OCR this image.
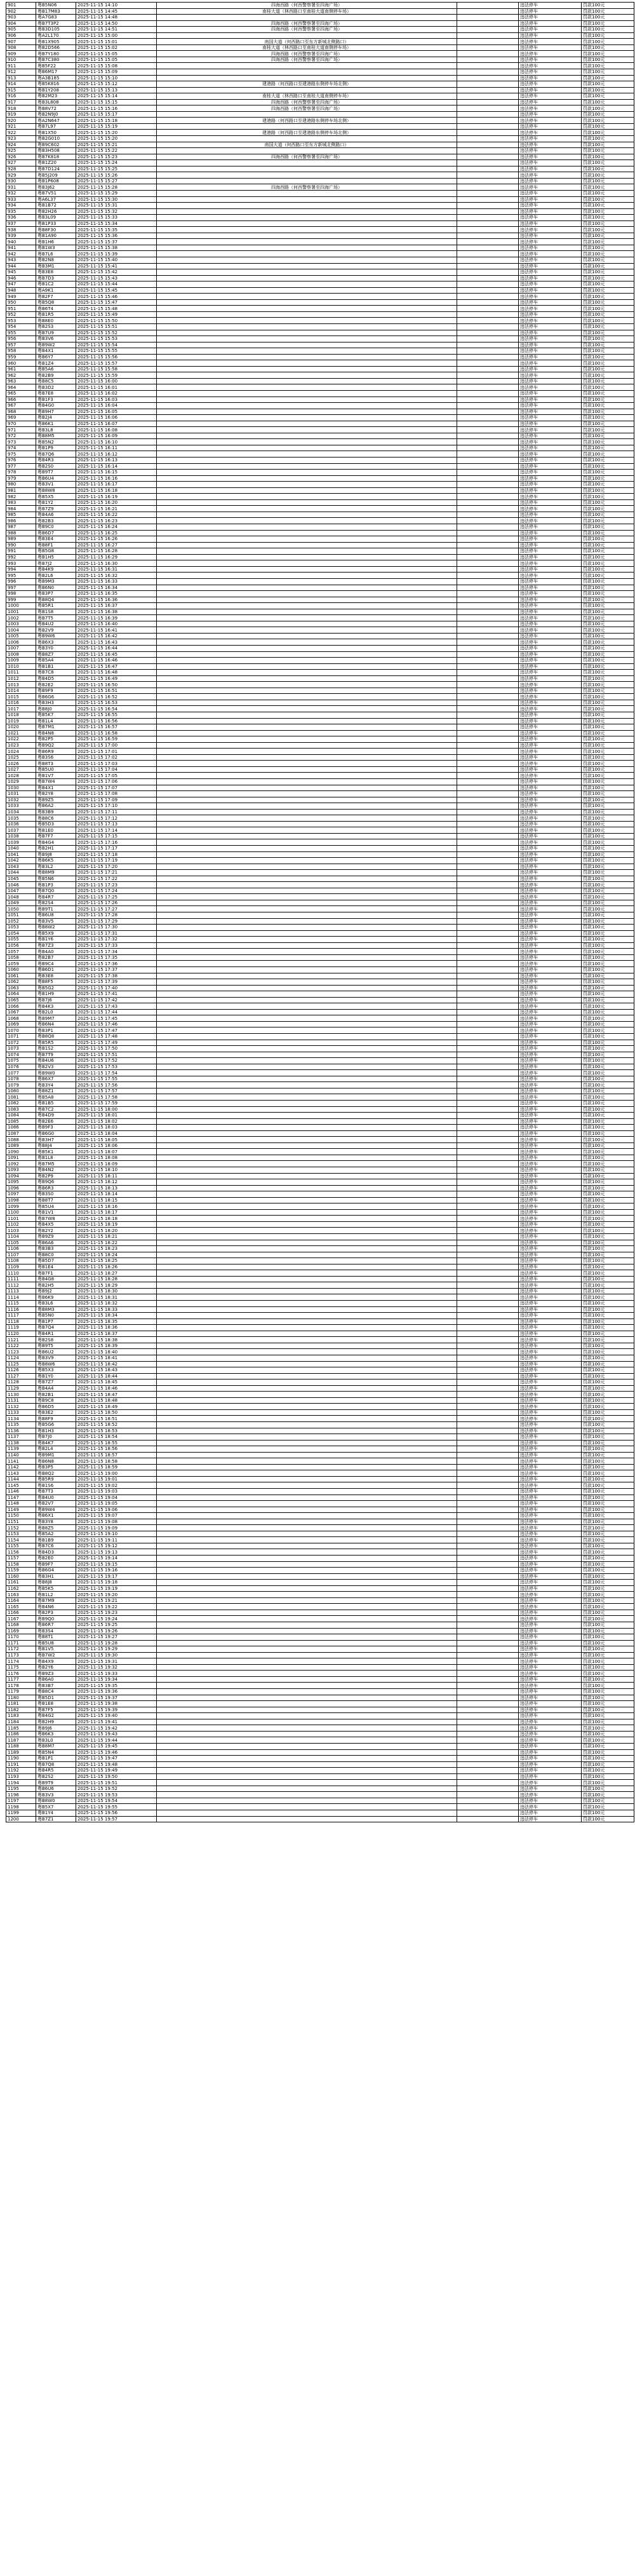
901	粤B5N06	2025-11-15 14:10	四海西路（何西警察署至四海广场）		违法停车	罚款100元
902	粤B17M83	2025-11-15 14:45	南桂大道（林西路口至南桂大道南侧停车场）		违法停车	罚款100元
903	粤A7G83	2025-11-15 14:48			违法停车	罚款100元
904	粤B7T3P2	2025-11-15 14:50	四海西路（何西警察署至四海广场）		违法停车	罚款100元
905	粤B3D105	2025-11-15 14:51	四海西路（何西警察署至四海广场）		违法停车	罚款100元
906	粤A2L170	2025-11-15 15:00			违法停车	罚款100元
907	粤B1X905	2025-11-15 15:01	南国大道（何西路口至东方新城北侧路口）		违法停车	罚款100元
908	粤B2D566	2025-11-15 15:02	南桂大道（林西路口至南桂大道南侧停车场）		违法停车	罚款100元
909	粤B7Y180	2025-11-15 15:05	四海西路（何西警察署至四海广场）		违法停车	罚款100元
910	粤B7C380	2025-11-15 15:05	四海西路（何西警察署至四海广场）		违法停车	罚款100元
911	粤B5F22	2025-11-15 15:08			违法停车	罚款100元
912	粤B6M17	2025-11-15 15:09			违法停车	罚款100元
913	粤A3B185	2025-11-15 15:10			违法停车	罚款100元
914	粤B5K816	2025-11-15 15:12	建港路（何西路口至建港路东侧停车场北侧）		违法停车	罚款100元
915	粤B1Y208	2025-11-15 15:13			违法停车	罚款100元
916	粤B2M23	2025-11-15 15:14	南桂大道（林西路口至南桂大道南侧停车场）		违法停车	罚款100元
917	粤B3L808	2025-11-15 15:15	四海西路（何西警察署至四海广场）		违法停车	罚款100元
918	粤B8V72	2025-11-15 15:16	四海西路（何西警察署至四海广场）		违法停车	罚款100元
919	粤B2N9J0	2025-11-15 15:17			违法停车	罚款100元
920	粤A2N647	2025-11-15 15:18	建港路（何西路口至建港路东侧停车场北侧）		违法停车	罚款100元
921	粤B7L97	2025-11-15 15:19			违法停车	罚款100元
922	粤B1X50	2025-11-15 15:20	建港路（何西路口至建港路东侧停车场北侧）		违法停车	罚款100元
923	粤B2G010	2025-11-15 15:20			违法停车	罚款100元
924	粤B9C602	2025-11-15 15:21	南国大道（何西路口至东方新城北侧路口）		违法停车	罚款100元
925	粤B3H508	2025-11-15 15:22			违法停车	罚款100元
926	粤B7K818	2025-11-15 15:23	四海西路（何西警察署至四海广场）		违法停车	罚款100元
927	粤B1Z20	2025-11-15 15:24			违法停车	罚款100元
928	粤B7D124	2025-11-15 15:25			违法停车	罚款100元
929	粤B5J209	2025-11-15 15:26			违法停车	罚款100元
930	粤B1P608	2025-11-15 15:27			违法停车	罚款100元
931	粤B3J62	2025-11-15 15:28	四海西路（何西警察署至四海广场）		违法停车	罚款100元
932	粤B7V51	2025-11-15 15:29			违法停车	罚款100元
933	粤A6L37	2025-11-15 15:30			违法停车	罚款100元
934	粤B1B72	2025-11-15 15:31			违法停车	罚款100元
935	粤B2H26	2025-11-15 15:32			违法停车	罚款100元
936	粤B3L09	2025-11-15 15:33			违法停车	罚款100元
937	粤B1P33	2025-11-15 15:34			违法停车	罚款100元
938	粤B8F30	2025-11-15 15:35			违法停车	罚款100元
939	粤B1A90	2025-11-15 15:36			违法停车	罚款100元
940	粤B1H6	2025-11-15 15:37			违法停车	罚款100元
941	粤B1W3	2025-11-15 15:38			违法停车	罚款100元
942	粤B7L6	2025-11-15 15:39			违法停车	罚款100元
943	粤B2N8	2025-11-15 15:40			违法停车	罚款100元
944	粤B3M1	2025-11-15 15:41			违法停车	罚款100元
945	粤B3E8	2025-11-15 15:42			违法停车	罚款100元
946	粤B7D3	2025-11-15 15:43			违法停车	罚款100元
947	粤B1C2	2025-11-15 15:44			违法停车	罚款100元
948	粤A9K1	2025-11-15 15:45			违法停车	罚款100元
949	粤B2F7	2025-11-15 15:46			违法停车	罚款100元
950	粤B5Q8	2025-11-15 15:47			违法停车	罚款100元
951	粤B6T4	2025-11-15 15:48			违法停车	罚款100元
952	粤B1R5	2025-11-15 15:49			违法停车	罚款100元
953	粤B8E0	2025-11-15 15:50			违法停车	罚款100元
954	粤B2S3	2025-11-15 15:51			违法停车	罚款100元
955	粤B7U9	2025-11-15 15:52			违法停车	罚款100元
956	粤B3V6	2025-11-15 15:53			违法停车	罚款100元
957	粤B9W2	2025-11-15 15:54			违法停车	罚款100元
958	粤B4X1	2025-11-15 15:55			违法停车	罚款100元
959	粤B6Y7	2025-11-15 15:56			违法停车	罚款100元
960	粤B1Z4	2025-11-15 15:57			违法停车	罚款100元
961	粤B5A6	2025-11-15 15:58			违法停车	罚款100元
962	粤B2B9	2025-11-15 15:59			违法停车	罚款100元
963	粤B8C5	2025-11-15 16:00			违法停车	罚款100元
964	粤B3D2	2025-11-15 16:01			违法停车	罚款100元
965	粤B7E8	2025-11-15 16:02			违法停车	罚款100元
966	粤B1F3	2025-11-15 16:03			违法停车	罚款100元
967	粤B4G0	2025-11-15 16:04			违法停车	罚款100元
968	粤B9H7	2025-11-15 16:05			违法停车	罚款100元
969	粤B2J4	2025-11-15 16:06			违法停车	罚款100元
970	粤B6K1	2025-11-15 16:07			违法停车	罚款100元
971	粤B3L8	2025-11-15 16:08			违法停车	罚款100元
972	粤B8M5	2025-11-15 16:09			违法停车	罚款100元
973	粤B5N2	2025-11-15 16:10			违法停车	罚款100元
974	粤B1P9	2025-11-15 16:11			违法停车	罚款100元
975	粤B7Q6	2025-11-15 16:12			违法停车	罚款100元
976	粤B4R3	2025-11-15 16:13			违法停车	罚款100元
977	粤B2S0	2025-11-15 16:14			违法停车	罚款100元
978	粤B9T7	2025-11-15 16:15			违法停车	罚款100元
979	粤B6U4	2025-11-15 16:16			违法停车	罚款100元
980	粤B3V1	2025-11-15 16:17			违法停车	罚款100元
981	粤B8W8	2025-11-15 16:18			违法停车	罚款100元
982	粤B5X5	2025-11-15 16:19			违法停车	罚款100元
983	粤B1Y2	2025-11-15 16:20			违法停车	罚款100元
984	粤B7Z9	2025-11-15 16:21			违法停车	罚款100元
985	粤B4A6	2025-11-15 16:22			违法停车	罚款100元
986	粤B2B3	2025-11-15 16:23			违法停车	罚款100元
987	粤B9C0	2025-11-15 16:24			违法停车	罚款100元
988	粤B6D7	2025-11-15 16:25			违法停车	罚款100元
989	粤B3E4	2025-11-15 16:26			违法停车	罚款100元
990	粤B8F1	2025-11-15 16:27			违法停车	罚款100元
991	粤B5G8	2025-11-15 16:28			违法停车	罚款100元
992	粤B1H5	2025-11-15 16:29			违法停车	罚款100元
993	粤B7J2	2025-11-15 16:30			违法停车	罚款100元
994	粤B4K9	2025-11-15 16:31			违法停车	罚款100元
995	粤B2L6	2025-11-15 16:32			违法停车	罚款100元
996	粤B9M3	2025-11-15 16:33			违法停车	罚款100元
997	粤B6N0	2025-11-15 16:34			违法停车	罚款100元
998	粤B3P7	2025-11-15 16:35			违法停车	罚款100元
999	粤B8Q4	2025-11-15 16:36			违法停车	罚款100元
1000	粤B5R1	2025-11-15 16:37			违法停车	罚款100元
1001	粤B1S8	2025-11-15 16:38			违法停车	罚款100元
1002	粤B7T5	2025-11-15 16:39			违法停车	罚款100元
1003	粤B4U2	2025-11-15 16:40			违法停车	罚款100元
1004	粤B2V9	2025-11-15 16:41			违法停车	罚款100元
1005	粤B9W6	2025-11-15 16:42			违法停车	罚款100元
1006	粤B6X3	2025-11-15 16:43			违法停车	罚款100元
1007	粤B3Y0	2025-11-15 16:44			违法停车	罚款100元
1008	粤B8Z7	2025-11-15 16:45			违法停车	罚款100元
1009	粤B5A4	2025-11-15 16:46			违法停车	罚款100元
1010	粤B1B1	2025-11-15 16:47			违法停车	罚款100元
1011	粤B7C8	2025-11-15 16:48			违法停车	罚款100元
1012	粤B4D5	2025-11-15 16:49			违法停车	罚款100元
1013	粤B2E2	2025-11-15 16:50			违法停车	罚款100元
1014	粤B9F9	2025-11-15 16:51			违法停车	罚款100元
1015	粤B6G6	2025-11-15 16:52			违法停车	罚款100元
1016	粤B3H3	2025-11-15 16:53			违法停车	罚款100元
1017	粤B8J0	2025-11-15 16:54			违法停车	罚款100元
1018	粤B5K7	2025-11-15 16:55			违法停车	罚款100元
1019	粤B1L4	2025-11-15 16:56			违法停车	罚款100元
1020	粤B7M1	2025-11-15 16:57			违法停车	罚款100元
1021	粤B4N8	2025-11-15 16:58			违法停车	罚款100元
1022	粤B2P5	2025-11-15 16:59			违法停车	罚款100元
1023	粤B9Q2	2025-11-15 17:00			违法停车	罚款100元
1024	粤B6R9	2025-11-15 17:01			违法停车	罚款100元
1025	粤B3S6	2025-11-15 17:02			违法停车	罚款100元
1026	粤B8T3	2025-11-15 17:03			违法停车	罚款100元
1027	粤B5U0	2025-11-15 17:04			违法停车	罚款100元
1028	粤B1V7	2025-11-15 17:05			违法停车	罚款100元
1029	粤B7W4	2025-11-15 17:06			违法停车	罚款100元
1030	粤B4X1	2025-11-15 17:07			违法停车	罚款100元
1031	粤B2Y8	2025-11-15 17:08			违法停车	罚款100元
1032	粤B9Z5	2025-11-15 17:09			违法停车	罚款100元
1033	粤B6A2	2025-11-15 17:10			违法停车	罚款100元
1034	粤B3B9	2025-11-15 17:11			违法停车	罚款100元
1035	粤B8C6	2025-11-15 17:12			违法停车	罚款100元
1036	粤B5D3	2025-11-15 17:13			违法停车	罚款100元
1037	粤B1E0	2025-11-15 17:14			违法停车	罚款100元
1038	粤B7F7	2025-11-15 17:15			违法停车	罚款100元
1039	粤B4G4	2025-11-15 17:16			违法停车	罚款100元
1040	粤B2H1	2025-11-15 17:17			违法停车	罚款100元
1041	粤B9J8	2025-11-15 17:18			违法停车	罚款100元
1042	粤B6K5	2025-11-15 17:19			违法停车	罚款100元
1043	粤B3L2	2025-11-15 17:20			违法停车	罚款100元
1044	粤B8M9	2025-11-15 17:21			违法停车	罚款100元
1045	粤B5N6	2025-11-15 17:22			违法停车	罚款100元
1046	粤B1P3	2025-11-15 17:23			违法停车	罚款100元
1047	粤B7Q0	2025-11-15 17:24			违法停车	罚款100元
1048	粤B4R7	2025-11-15 17:25			违法停车	罚款100元
1049	粤B2S4	2025-11-15 17:26			违法停车	罚款100元
1050	粤B9T1	2025-11-15 17:27			违法停车	罚款100元
1051	粤B6U8	2025-11-15 17:28			违法停车	罚款100元
1052	粤B3V5	2025-11-15 17:29			违法停车	罚款100元
1053	粤B8W2	2025-11-15 17:30			违法停车	罚款100元
1054	粤B5X9	2025-11-15 17:31			违法停车	罚款100元
1055	粤B1Y6	2025-11-15 17:32			违法停车	罚款100元
1056	粤B7Z3	2025-11-15 17:33			违法停车	罚款100元
1057	粤B4A0	2025-11-15 17:34			违法停车	罚款100元
1058	粤B2B7	2025-11-15 17:35			违法停车	罚款100元
1059	粤B9C4	2025-11-15 17:36			违法停车	罚款100元
1060	粤B6D1	2025-11-15 17:37			违法停车	罚款100元
1061	粤B3E8	2025-11-15 17:38			违法停车	罚款100元
1062	粤B8F5	2025-11-15 17:39			违法停车	罚款100元
1063	粤B5G2	2025-11-15 17:40			违法停车	罚款100元
1064	粤B1H9	2025-11-15 17:41			违法停车	罚款100元
1065	粤B7J6	2025-11-15 17:42			违法停车	罚款100元
1066	粤B4K3	2025-11-15 17:43			违法停车	罚款100元
1067	粤B2L0	2025-11-15 17:44			违法停车	罚款100元
1068	粤B9M7	2025-11-15 17:45			违法停车	罚款100元
1069	粤B6N4	2025-11-15 17:46			违法停车	罚款100元
1070	粤B3P1	2025-11-15 17:47			违法停车	罚款100元
1071	粤B8Q8	2025-11-15 17:48			违法停车	罚款100元
1072	粤B5R5	2025-11-15 17:49			违法停车	罚款100元
1073	粤B1S2	2025-11-15 17:50			违法停车	罚款100元
1074	粤B7T9	2025-11-15 17:51			违法停车	罚款100元
1075	粤B4U6	2025-11-15 17:52			违法停车	罚款100元
1076	粤B2V3	2025-11-15 17:53			违法停车	罚款100元
1077	粤B9W0	2025-11-15 17:54			违法停车	罚款100元
1078	粤B6X7	2025-11-15 17:55			违法停车	罚款100元
1079	粤B3Y4	2025-11-15 17:56			违法停车	罚款100元
1080	粤B8Z1	2025-11-15 17:57			违法停车	罚款100元
1081	粤B5A8	2025-11-15 17:58			违法停车	罚款100元
1082	粤B1B5	2025-11-15 17:59			违法停车	罚款100元
1083	粤B7C2	2025-11-15 18:00			违法停车	罚款100元
1084	粤B4D9	2025-11-15 18:01			违法停车	罚款100元
1085	粤B2E6	2025-11-15 18:02			违法停车	罚款100元
1086	粤B9F3	2025-11-15 18:03			违法停车	罚款100元
1087	粤B6G0	2025-11-15 18:04			违法停车	罚款100元
1088	粤B3H7	2025-11-15 18:05			违法停车	罚款100元
1089	粤B8J4	2025-11-15 18:06			违法停车	罚款100元
1090	粤B5K1	2025-11-15 18:07			违法停车	罚款100元
1091	粤B1L8	2025-11-15 18:08			违法停车	罚款100元
1092	粤B7M5	2025-11-15 18:09			违法停车	罚款100元
1093	粤B4N2	2025-11-15 18:10			违法停车	罚款100元
1094	粤B2P9	2025-11-15 18:11			违法停车	罚款100元
1095	粤B9Q6	2025-11-15 18:12			违法停车	罚款100元
1096	粤B6R3	2025-11-15 18:13			违法停车	罚款100元
1097	粤B3S0	2025-11-15 18:14			违法停车	罚款100元
1098	粤B8T7	2025-11-15 18:15			违法停车	罚款100元
1099	粤B5U4	2025-11-15 18:16			违法停车	罚款100元
1100	粤B1V1	2025-11-15 18:17			违法停车	罚款100元
1101	粤B7W8	2025-11-15 18:18			违法停车	罚款100元
1102	粤B4X5	2025-11-15 18:19			违法停车	罚款100元
1103	粤B2Y2	2025-11-15 18:20			违法停车	罚款100元
1104	粤B9Z9	2025-11-15 18:21			违法停车	罚款100元
1105	粤B6A6	2025-11-15 18:22			违法停车	罚款100元
1106	粤B3B3	2025-11-15 18:23			违法停车	罚款100元
1107	粤B8C0	2025-11-15 18:24			违法停车	罚款100元
1108	粤B5D7	2025-11-15 18:25			违法停车	罚款100元
1109	粤B1E4	2025-11-15 18:26			违法停车	罚款100元
1110	粤B7F1	2025-11-15 18:27			违法停车	罚款100元
1111	粤B4G8	2025-11-15 18:28			违法停车	罚款100元
1112	粤B2H5	2025-11-15 18:29			违法停车	罚款100元
1113	粤B9J2	2025-11-15 18:30			违法停车	罚款100元
1114	粤B6K9	2025-11-15 18:31			违法停车	罚款100元
1115	粤B3L6	2025-11-15 18:32			违法停车	罚款100元
1116	粤B8M3	2025-11-15 18:33			违法停车	罚款100元
1117	粤B5N0	2025-11-15 18:34			违法停车	罚款100元
1118	粤B1P7	2025-11-15 18:35			违法停车	罚款100元
1119	粤B7Q4	2025-11-15 18:36			违法停车	罚款100元
1120	粤B4R1	2025-11-15 18:37			违法停车	罚款100元
1121	粤B2S8	2025-11-15 18:38			违法停车	罚款100元
1122	粤B9T5	2025-11-15 18:39			违法停车	罚款100元
1123	粤B6U2	2025-11-15 18:40			违法停车	罚款100元
1124	粤B3V9	2025-11-15 18:41			违法停车	罚款100元
1125	粤B8W6	2025-11-15 18:42			违法停车	罚款100元
1126	粤B5X3	2025-11-15 18:43			违法停车	罚款100元
1127	粤B1Y0	2025-11-15 18:44			违法停车	罚款100元
1128	粤B7Z7	2025-11-15 18:45			违法停车	罚款100元
1129	粤B4A4	2025-11-15 18:46			违法停车	罚款100元
1130	粤B2B1	2025-11-15 18:47			违法停车	罚款100元
1131	粤B9C8	2025-11-15 18:48			违法停车	罚款100元
1132	粤B6D5	2025-11-15 18:49			违法停车	罚款100元
1133	粤B3E2	2025-11-15 18:50			违法停车	罚款100元
1134	粤B8F9	2025-11-15 18:51			违法停车	罚款100元
1135	粤B5G6	2025-11-15 18:52			违法停车	罚款100元
1136	粤B1H3	2025-11-15 18:53			违法停车	罚款100元
1137	粤B7J0	2025-11-15 18:54			违法停车	罚款100元
1138	粤B4K7	2025-11-15 18:55			违法停车	罚款100元
1139	粤B2L4	2025-11-15 18:56			违法停车	罚款100元
1140	粤B9M1	2025-11-15 18:57			违法停车	罚款100元
1141	粤B6N8	2025-11-15 18:58			违法停车	罚款100元
1142	粤B3P5	2025-11-15 18:59			违法停车	罚款100元
1143	粤B8Q2	2025-11-15 19:00			违法停车	罚款100元
1144	粤B5R9	2025-11-15 19:01			违法停车	罚款100元
1145	粤B1S6	2025-11-15 19:02			违法停车	罚款100元
1146	粤B7T3	2025-11-15 19:03			违法停车	罚款100元
1147	粤B4U0	2025-11-15 19:04			违法停车	罚款100元
1148	粤B2V7	2025-11-15 19:05			违法停车	罚款100元
1149	粤B9W4	2025-11-15 19:06			违法停车	罚款100元
1150	粤B6X1	2025-11-15 19:07			违法停车	罚款100元
1151	粤B3Y8	2025-11-15 19:08			违法停车	罚款100元
1152	粤B8Z5	2025-11-15 19:09			违法停车	罚款100元
1153	粤B5A2	2025-11-15 19:10			违法停车	罚款100元
1154	粤B1B9	2025-11-15 19:11			违法停车	罚款100元
1155	粤B7C6	2025-11-15 19:12			违法停车	罚款100元
1156	粤B4D3	2025-11-15 19:13			违法停车	罚款100元
1157	粤B2E0	2025-11-15 19:14			违法停车	罚款100元
1158	粤B9F7	2025-11-15 19:15			违法停车	罚款100元
1159	粤B6G4	2025-11-15 19:16			违法停车	罚款100元
1160	粤B3H1	2025-11-15 19:17			违法停车	罚款100元
1161	粤B8J8	2025-11-15 19:18			违法停车	罚款100元
1162	粤B5K5	2025-11-15 19:19			违法停车	罚款100元
1163	粤B1L2	2025-11-15 19:20			违法停车	罚款100元
1164	粤B7M9	2025-11-15 19:21			违法停车	罚款100元
1165	粤B4N6	2025-11-15 19:22			违法停车	罚款100元
1166	粤B2P3	2025-11-15 19:23			违法停车	罚款100元
1167	粤B9Q0	2025-11-15 19:24			违法停车	罚款100元
1168	粤B6R7	2025-11-15 19:25			违法停车	罚款100元
1169	粤B3S4	2025-11-15 19:26			违法停车	罚款100元
1170	粤B8T1	2025-11-15 19:27			违法停车	罚款100元
1171	粤B5U8	2025-11-15 19:28			违法停车	罚款100元
1172	粤B1V5	2025-11-15 19:29			违法停车	罚款100元
1173	粤B7W2	2025-11-15 19:30			违法停车	罚款100元
1174	粤B4X9	2025-11-15 19:31			违法停车	罚款100元
1175	粤B2Y6	2025-11-15 19:32			违法停车	罚款100元
1176	粤B9Z3	2025-11-15 19:33			违法停车	罚款100元
1177	粤B6A0	2025-11-15 19:34			违法停车	罚款100元
1178	粤B3B7	2025-11-15 19:35			违法停车	罚款100元
1179	粤B8C4	2025-11-15 19:36			违法停车	罚款100元
1180	粤B5D1	2025-11-15 19:37			违法停车	罚款100元
1181	粤B1E8	2025-11-15 19:38			违法停车	罚款100元
1182	粤B7F5	2025-11-15 19:39			违法停车	罚款100元
1183	粤B4G2	2025-11-15 19:40			违法停车	罚款100元
1184	粤B2H9	2025-11-15 19:41			违法停车	罚款100元
1185	粤B9J6	2025-11-15 19:42			违法停车	罚款100元
1186	粤B6K3	2025-11-15 19:43			违法停车	罚款100元
1187	粤B3L0	2025-11-15 19:44			违法停车	罚款100元
1188	粤B8M7	2025-11-15 19:45			违法停车	罚款100元
1189	粤B5N4	2025-11-15 19:46			违法停车	罚款100元
1190	粤B1P1	2025-11-15 19:47			违法停车	罚款100元
1191	粤B7Q8	2025-11-15 19:48			违法停车	罚款100元
1192	粤B4R5	2025-11-15 19:49			违法停车	罚款100元
1193	粤B2S2	2025-11-15 19:50			违法停车	罚款100元
1194	粤B9T9	2025-11-15 19:51			违法停车	罚款100元
1195	粤B6U6	2025-11-15 19:52			违法停车	罚款100元
1196	粤B3V3	2025-11-15 19:53			违法停车	罚款100元
1197	粤B8W0	2025-11-15 19:54			违法停车	罚款100元
1198	粤B5X7	2025-11-15 19:55			违法停车	罚款100元
1199	粤B1Y4	2025-11-15 19:56			违法停车	罚款100元
1200	粤B7Z1	2025-11-15 19:57			违法停车	罚款100元
